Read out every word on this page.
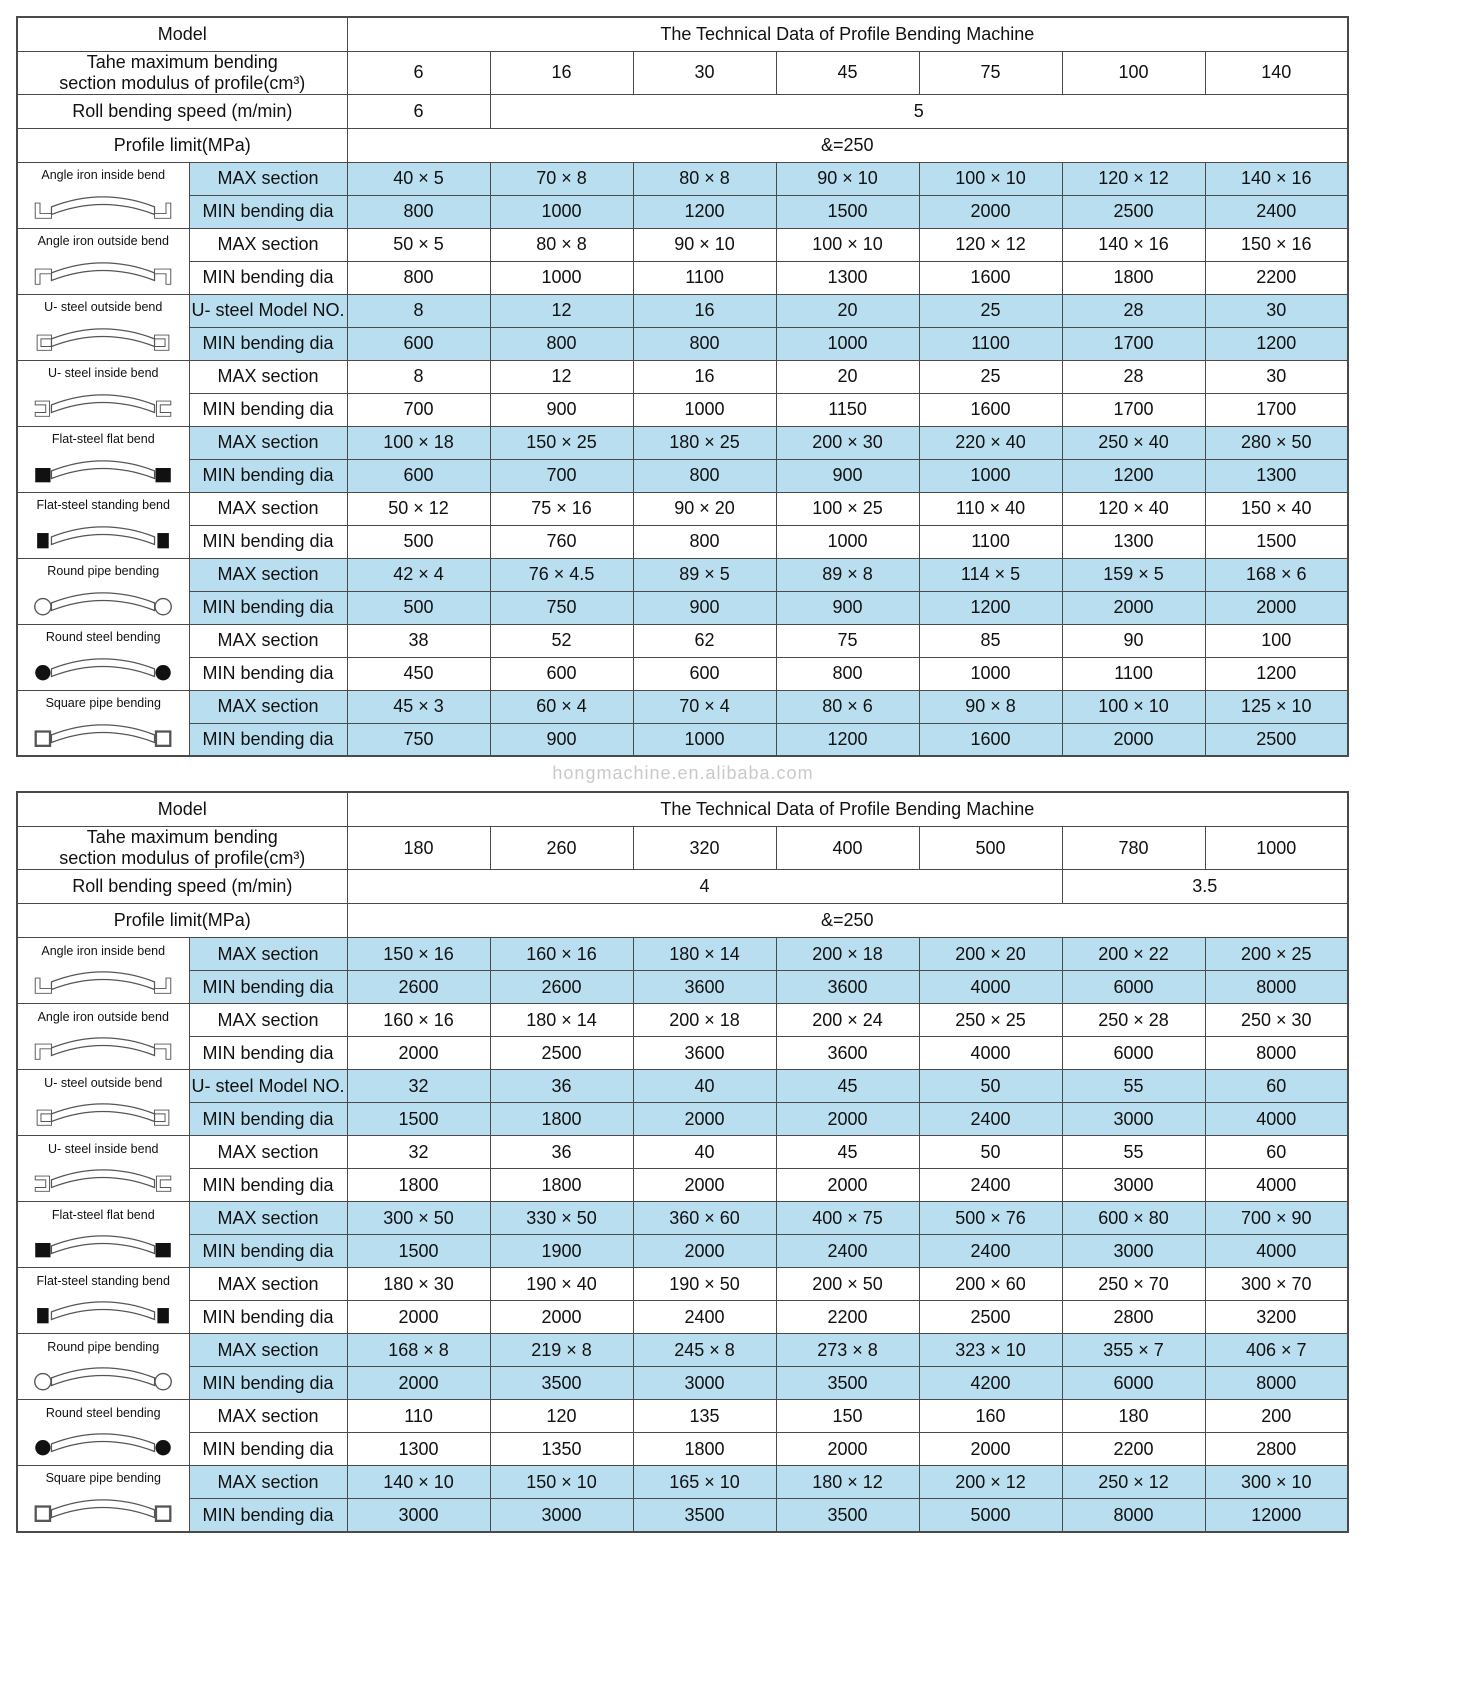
Model		The Technical Data of Profile Bending Machine						

Tahe maximum bending
section modulus of profile(cm³)		6	16	30	45	75	100	140
Roll bending speed (m/min)		6	5					
Profile limit(MPa)		&=250						

Angle iron inside bend	MAX section	40 × 5	70 × 8	80 × 8	90 × 10	100 × 10	120 × 12	140 × 16
	MIN bending dia	800	1000	1200	1500	2000	2500	2400

Angle iron outside bend	MAX section	50 × 5	80 × 8	90 × 10	100 × 10	120 × 12	140 × 16	150 × 16
	MIN bending dia	800	1000	1100	1300	1600	1800	2200

U- steel outside bend	U- steel Model NO.	8	12	16	20	25	28	30
	MIN bending dia	600	800	800	1000	1100	1700	1200

U- steel inside bend	MAX section	8	12	16	20	25	28	30
	MIN bending dia	700	900	1000	1150	1600	1700	1700

Flat-steel flat bend	MAX section	100 × 18	150 × 25	180 × 25	200 × 30	220 × 40	250 × 40	280 × 50
	MIN bending dia	600	700	800	900	1000	1200	1300

Flat-steel standing bend	MAX section	50 × 12	75 × 16	90 × 20	100 × 25	110 × 40	120 × 40	150 × 40
	MIN bending dia	500	760	800	1000	1100	1300	1500

Round pipe bending	MAX section	42 × 4	76 × 4.5	89 × 5	89 × 8	114 × 5	159 × 5	168 × 6
	MIN bending dia	500	750	900	900	1200	2000	2000

Round steel bending	MAX section	38	52	62	75	85	90	100
	MIN bending dia	450	600	600	800	1000	1100	1200

Square pipe bending	MAX section	45 × 3	60 × 4	70 × 4	80 × 6	90 × 8	100 × 10	125 × 10
	MIN bending dia	750	900	1000	1200	1600	2000	2500
hongmachine.en.alibaba.com
Model		The Technical Data of Profile Bending Machine						

Tahe maximum bending
section modulus of profile(cm³)		180	260	320	400	500	780	1000
Roll bending speed (m/min)		4					3.5	
Profile limit(MPa)		&=250						

Angle iron inside bend	MAX section	150 × 16	160 × 16	180 × 14	200 × 18	200 × 20	200 × 22	200 × 25
	MIN bending dia	2600	2600	3600	3600	4000	6000	8000

Angle iron outside bend	MAX section	160 × 16	180 × 14	200 × 18	200 × 24	250 × 25	250 × 28	250 × 30
	MIN bending dia	2000	2500	3600	3600	4000	6000	8000

U- steel outside bend	U- steel Model NO.	32	36	40	45	50	55	60
	MIN bending dia	1500	1800	2000	2000	2400	3000	4000

U- steel inside bend	MAX section	32	36	40	45	50	55	60
	MIN bending dia	1800	1800	2000	2000	2400	3000	4000

Flat-steel flat bend	MAX section	300 × 50	330 × 50	360 × 60	400 × 75	500 × 76	600 × 80	700 × 90
	MIN bending dia	1500	1900	2000	2400	2400	3000	4000

Flat-steel standing bend	MAX section	180 × 30	190 × 40	190 × 50	200 × 50	200 × 60	250 × 70	300 × 70
	MIN bending dia	2000	2000	2400	2200	2500	2800	3200

Round pipe bending	MAX section	168 × 8	219 × 8	245 × 8	273 × 8	323 × 10	355 × 7	406 × 7
	MIN bending dia	2000	3500	3000	3500	4200	6000	8000

Round steel bending	MAX section	110	120	135	150	160	180	200
	MIN bending dia	1300	1350	1800	2000	2000	2200	2800

Square pipe bending	MAX section	140 × 10	150 × 10	165 × 10	180 × 12	200 × 12	250 × 12	300 × 10
	MIN bending dia	3000	3000	3500	3500	5000	8000	12000
